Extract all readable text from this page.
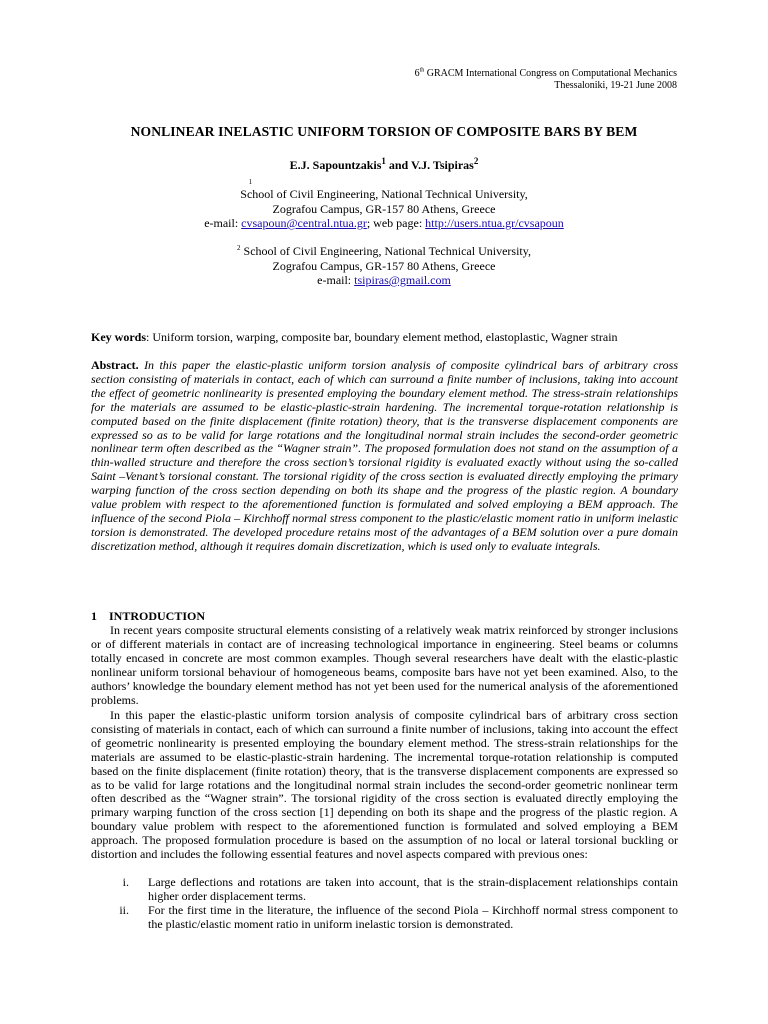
6th GRACM International Congress on Computational Mechanics
Thessaloniki, 19-21 June 2008
NONLINEAR INELASTIC UNIFORM TORSION OF COMPOSITE BARS BY BEM
E.J. Sapountzakis$^1$ and V.J. Tsipiras$^2$
1
School of Civil Engineering, National Technical University,
Zografou Campus, GR-157 80 Athens, Greece
e-mail: cvsapoun@central.ntua.gr; web page: http://users.ntua.gr/cvsapoun
$^2$ School of Civil Engineering, National Technical University,
Zografou Campus, GR-157 80 Athens, Greece
e-mail: tsipiras@gmail.com
Key words: Uniform torsion, warping, composite bar, boundary element method, elastoplastic, Wagner strain
Abstract. In this paper the elastic-plastic uniform torsion analysis of composite cylindrical bars of arbitrary cross section consisting of materials in contact, each of which can surround a finite number of inclusions, taking into account the effect of geometric nonlinearity is presented employing the boundary element method. The stress-strain relationships for the materials are assumed to be elastic-plastic-strain hardening. The incremental torque-rotation relationship is computed based on the finite displacement (finite rotation) theory, that is the transverse displacement components are expressed so as to be valid for large rotations and the longitudinal normal strain includes the second-order geometric nonlinear term often described as the “Wagner strain”. The proposed formulation does not stand on the assumption of a thin-walled structure and therefore the cross section’s torsional rigidity is evaluated exactly without using the so-called Saint –Venant’s torsional constant. The torsional rigidity of the cross section is evaluated directly employing the primary warping function of the cross section depending on both its shape and the progress of the plastic region. A boundary value problem with respect to the aforementioned function is formulated and solved employing a BEM approach. The influence of the second Piola – Kirchhoff normal stress component to the plastic/elastic moment ratio in uniform inelastic torsion is demonstrated. The developed procedure retains most of the advantages of a BEM solution over a pure domain discretization method, although it requires domain discretization, which is used only to evaluate integrals.
1 INTRODUCTION

In recent years composite structural elements consisting of a relatively weak matrix reinforced by stronger inclusions or of different materials in contact are of increasing technological importance in engineering. Steel beams or columns totally encased in concrete are most common examples. Though several researchers have dealt with the elastic-plastic nonlinear uniform torsional behaviour of homogeneous beams, composite bars have not yet been examined. Also, to the authors’ knowledge the boundary element method has not yet been used for the numerical analysis of the aforementioned problems.

In this paper the elastic-plastic uniform torsion analysis of composite cylindrical bars of arbitrary cross section consisting of materials in contact, each of which can surround a finite number of inclusions, taking into account the effect of geometric nonlinearity is presented employing the boundary element method. The stress-strain relationships for the materials are assumed to be elastic-plastic-strain hardening. The incremental torque-rotation relationship is computed based on the finite displacement (finite rotation) theory, that is the transverse displacement components are expressed so as to be valid for large rotations and the longitudinal normal strain includes the second-order geometric nonlinear term often described as the “Wagner strain”. The torsional rigidity of the cross section is evaluated directly employing the primary warping function of the cross section [1] depending on both its shape and the progress of the plastic region. A boundary value problem with respect to the aforementioned function is formulated and solved employing a BEM approach. The proposed formulation procedure is based on the assumption of no local or lateral torsional buckling or distortion and includes the following essential features and novel aspects compared with previous ones:

i.	Large deflections and rotations are taken into account, that is the strain-displacement relationships contain higher order displacement terms.
ii.	For the first time in the literature, the influence of the second Piola – Kirchhoff normal stress component to the plastic/elastic moment ratio in uniform inelastic torsion is demonstrated.
